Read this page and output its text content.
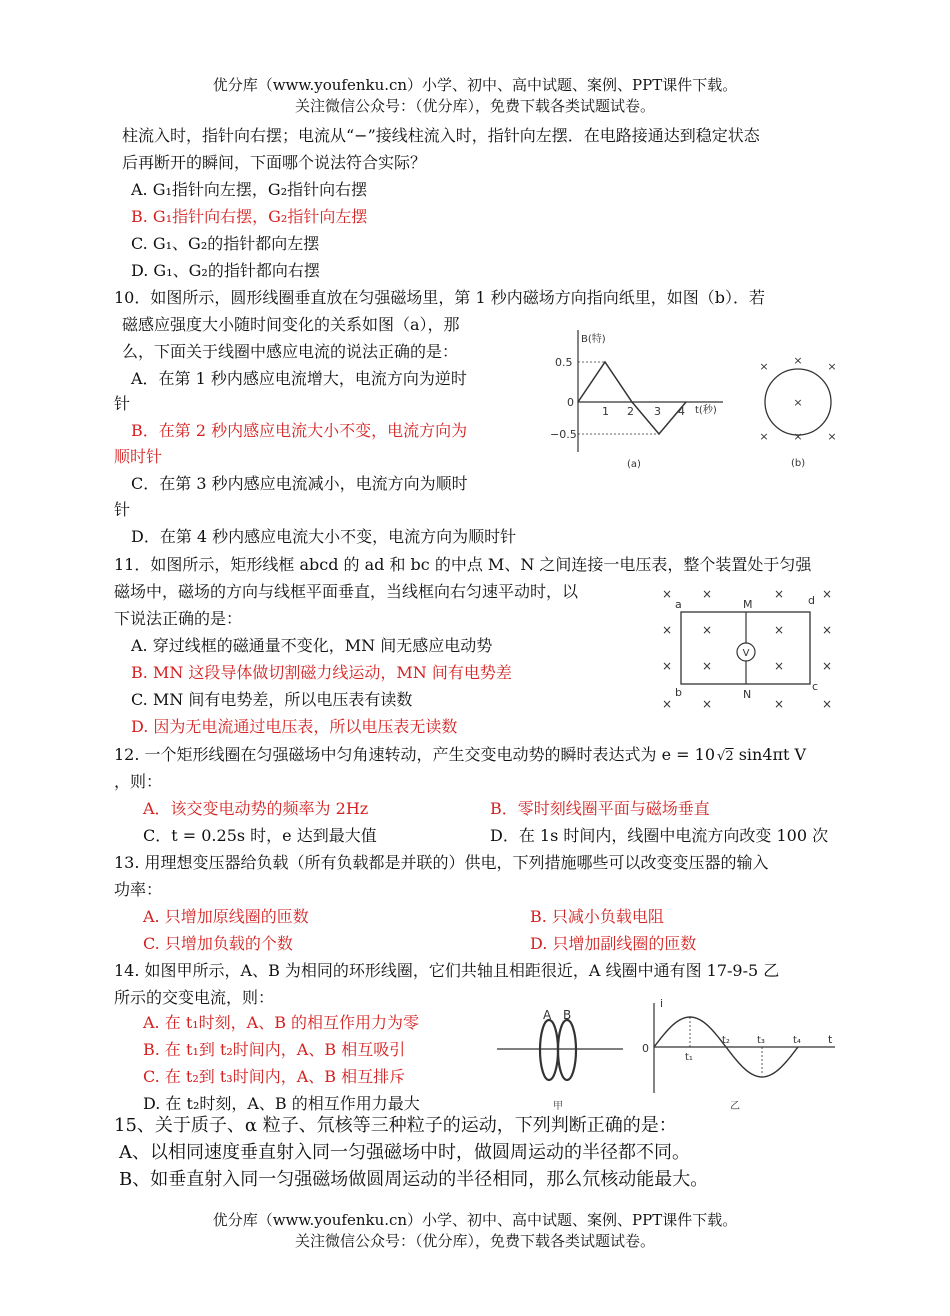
优分库（www.youfenku.cn）小学、初中、高中试题、案例、PPT课件下载。
关注微信公众号：（优分库），免费下载各类试题试卷。
柱流入时，指针向右摆；电流从“−”接线柱流入时，指针向左摆．在电路接通达到稳定状态
后再断开的瞬间，下面哪个说法符合实际？
A. G₁指针向左摆，G₂指针向右摆
B. G₁指针向右摆，G₂指针向左摆
C. G₁、G₂的指针都向左摆
D. G₁、G₂的指针都向右摆
10．如图所示，圆形线圈垂直放在匀强磁场里，第 1 秒内磁场方向指向纸里，如图（b）．若
磁感应强度大小随时间变化的关系如图（a），那
么，下面关于线圈中感应电流的说法正确的是：
A．在第 1 秒内感应电流增大，电流方向为逆时
针
B．在第 2 秒内感应电流大小不变，电流方向为
顺时针
C．在第 3 秒内感应电流减小，电流方向为顺时
针
D．在第 4 秒内感应电流大小不变，电流方向为顺时针
B(特)
0.5
0
−0.5
1 2 3 4 t(秒)
(a)
× × ×
×
× × ×
(b)
11．如图所示，矩形线框 abcd 的 ad 和 bc 的中点 M、N 之间连接一电压表，整个装置处于匀强
磁场中，磁场的方向与线框平面垂直，当线框向右匀速平动时，以
下说法正确的是：
A. 穿过线框的磁通量不变化，MN 间无感应电动势
B. MN 这段导体做切割磁力线运动，MN 间有电势差
C. MN 间有电势差，所以电压表有读数
D. 因为无电流通过电压表，所以电压表无读数
× ×	×	×
× ×	×	×
× ×	×	×
× ×	×	×
V
a
b	c
d
M
N
12. 一个矩形线圈在匀强磁场中匀角速转动，产生交变电动势的瞬时表达式为 e = 10 √2 sin4πt V
，则：
A．该交变电动势的频率为 2Hz	B．零时刻线圈平面与磁场垂直
C．t = 0.25s 时，e 达到最大值	D．在 1s 时间内，线圈中电流方向改变 100 次
13. 用理想变压器给负载（所有负载都是并联的）供电，下列措施哪些可以改变变压器的输入
功率：
A. 只增加原线圈的匝数	B. 只减小负载电阻
C. 只增加负载的个数	D. 只增加副线圈的匝数
14. 如图甲所示，A、B 为相同的环形线圈，它们共轴且相距很近，A 线圈中通有图 17-9-5 乙
所示的交变电流，则：
A. 在 t₁时刻，A、B 的相互作用力为零
B. 在 t₁到 t₂时间内，A、B 相互吸引
C. 在 t₂到 t₃时间内，A、B 相互排斥
D. 在 t₂时刻，A、B 的相互作用力最大
A B
甲
i
t
0
t₁
t₂	t₃	t₄
乙
15、关于质子、α 粒子、氘核等三种粒子的运动，下列判断正确的是：
A、以相同速度垂直射入同一匀强磁场中时，做圆周运动的半径都不同。
B、如垂直射入同一匀强磁场做圆周运动的半径相同，那么氘核动能最大。
优分库（www.youfenku.cn）小学、初中、高中试题、案例、PPT课件下载。
关注微信公众号：（优分库），免费下载各类试题试卷。
